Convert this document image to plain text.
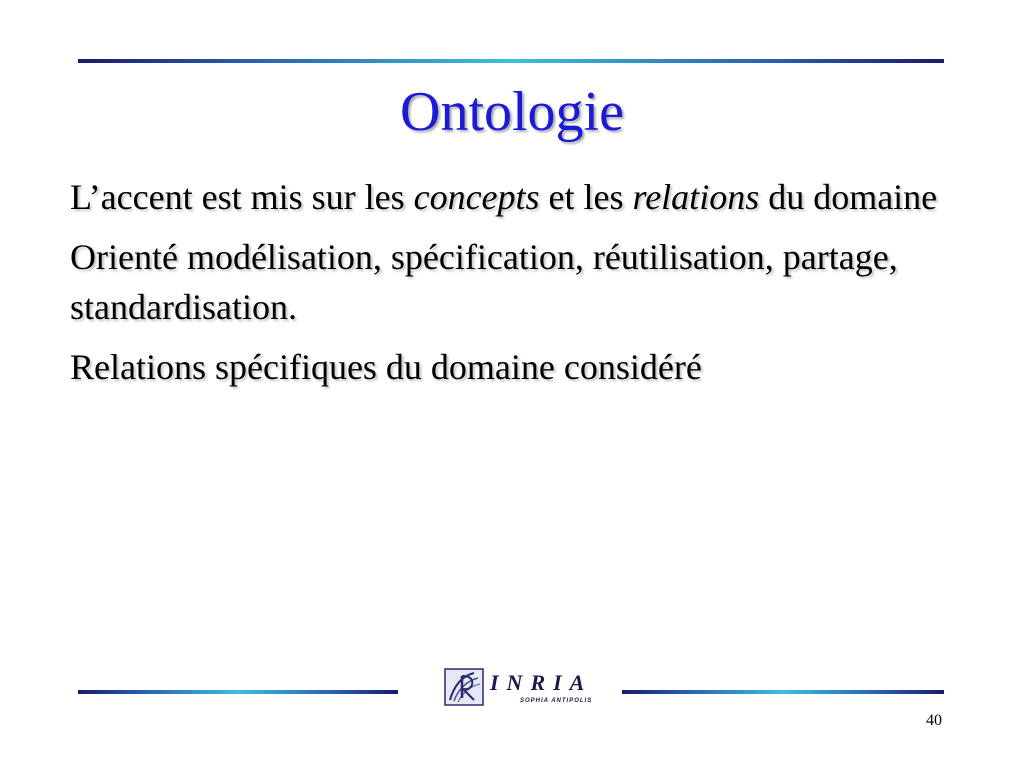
Ontologie

L’accent est mis sur les concepts et les relations du domaine

Orienté modélisation, spécification, réutilisation, partage, standardisation.

Relations spécifiques du domaine considéré

INRIA
SOPHIA ANTIPOLIS
40
